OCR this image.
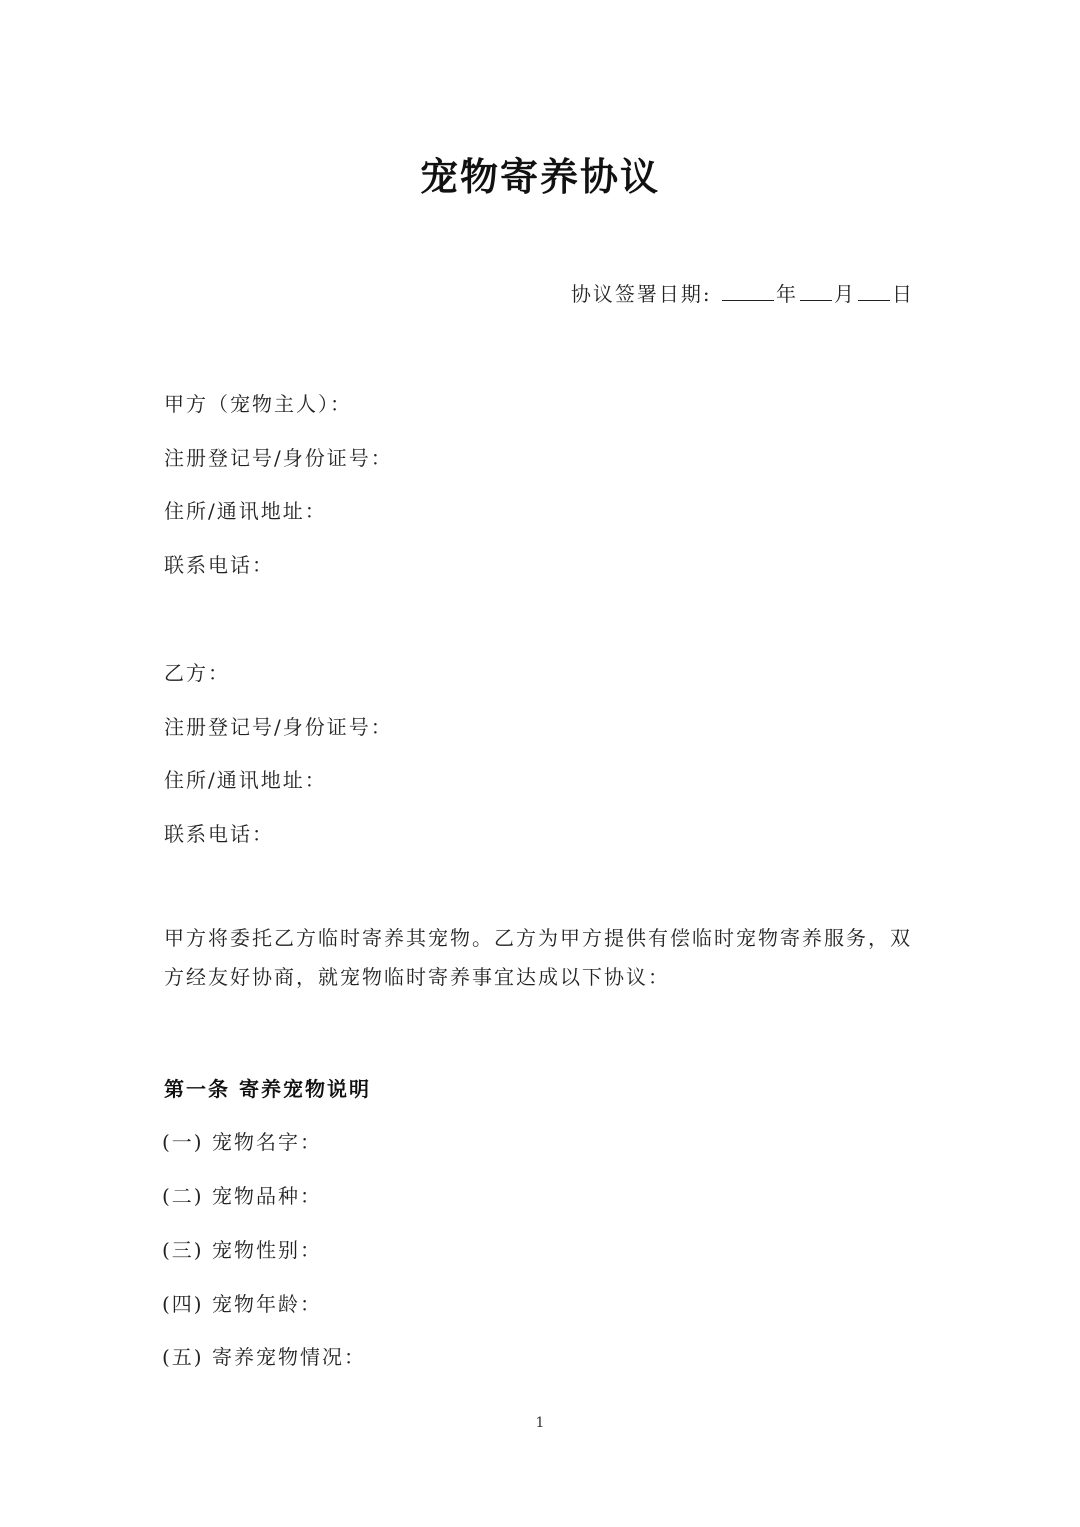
宠物寄养协议
协议签署日期:	年 月 日
甲方（宠物主人）：
注册登记号/身份证号：
住所/通讯地址：
联系电话：
乙方：
注册登记号/身份证号：
住所/通讯地址：
联系电话：
甲方将委托乙方临时寄养其宠物。乙方为甲方提供有偿临时宠物寄养服务，双方经友好协商，就宠物临时寄养事宜达成以下协议：
第一条 寄养宠物说明
(一) 宠物名字：
(二) 宠物品种：
(三) 宠物性别：
(四) 宠物年龄：
(五) 寄养宠物情况：
1
